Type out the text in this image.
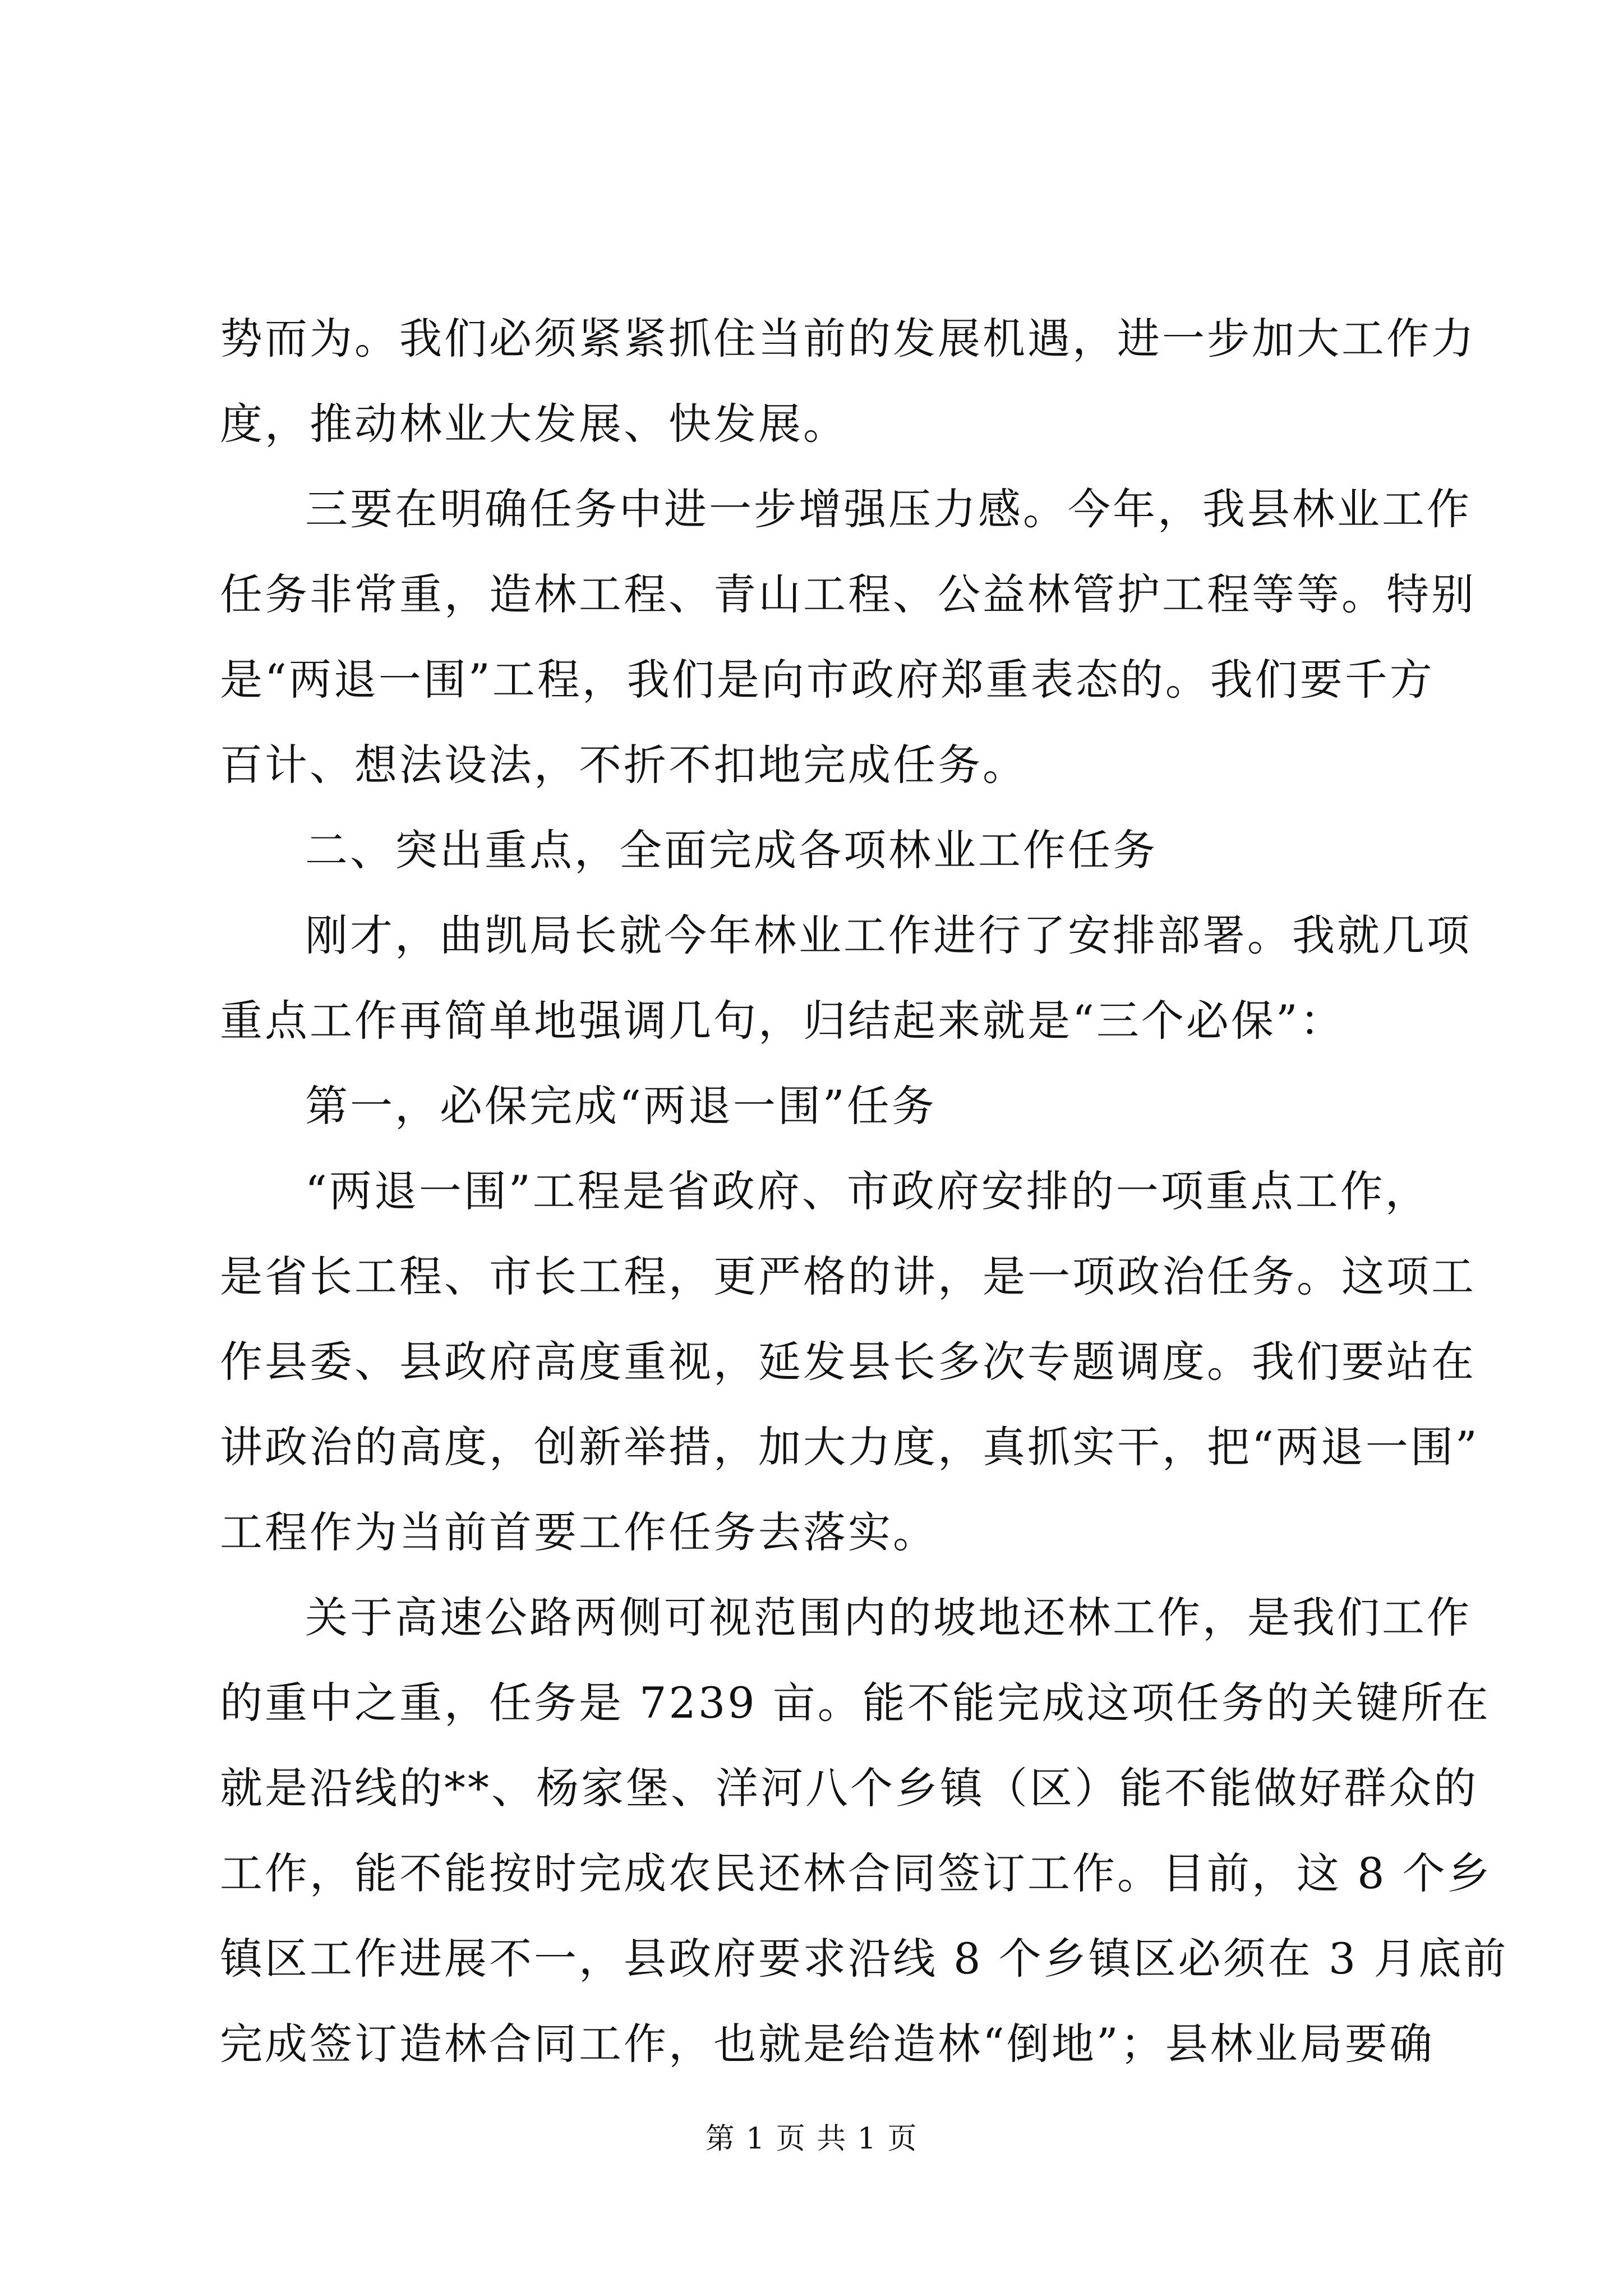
势而为。我们必须紧紧抓住当前的发展机遇，进一步加大工作力
度，推动林业大发展、快发展。
三要在明确任务中进一步增强压力感。今年，我县林业工作
任务非常重，造林工程、青山工程、公益林管护工程等等。特别
是“两退一围”工程，我们是向市政府郑重表态的。我们要千方
百计、想法设法，不折不扣地完成任务。
二、突出重点，全面完成各项林业工作任务
刚才，曲凯局长就今年林业工作进行了安排部署。我就几项
重点工作再简单地强调几句，归结起来就是“三个必保”：
第一，必保完成“两退一围”任务
“两退一围”工程是省政府、市政府安排的一项重点工作，
是省长工程、市长工程，更严格的讲，是一项政治任务。这项工
作县委、县政府高度重视，延发县长多次专题调度。我们要站在
讲政治的高度，创新举措，加大力度，真抓实干，把“两退一围”
工程作为当前首要工作任务去落实。
关于高速公路两侧可视范围内的坡地还林工作，是我们工作
的重中之重，任务是 7239 亩。能不能完成这项任务的关键所在
就是沿线的**、杨家堡、洋河八个乡镇（区）能不能做好群众的
工作，能不能按时完成农民还林合同签订工作。目前，这 8 个乡
镇区工作进展不一，县政府要求沿线 8 个乡镇区必须在 3 月底前
完成签订造林合同工作，也就是给造林“倒地”；县林业局要确
第 1 页 共 1 页
